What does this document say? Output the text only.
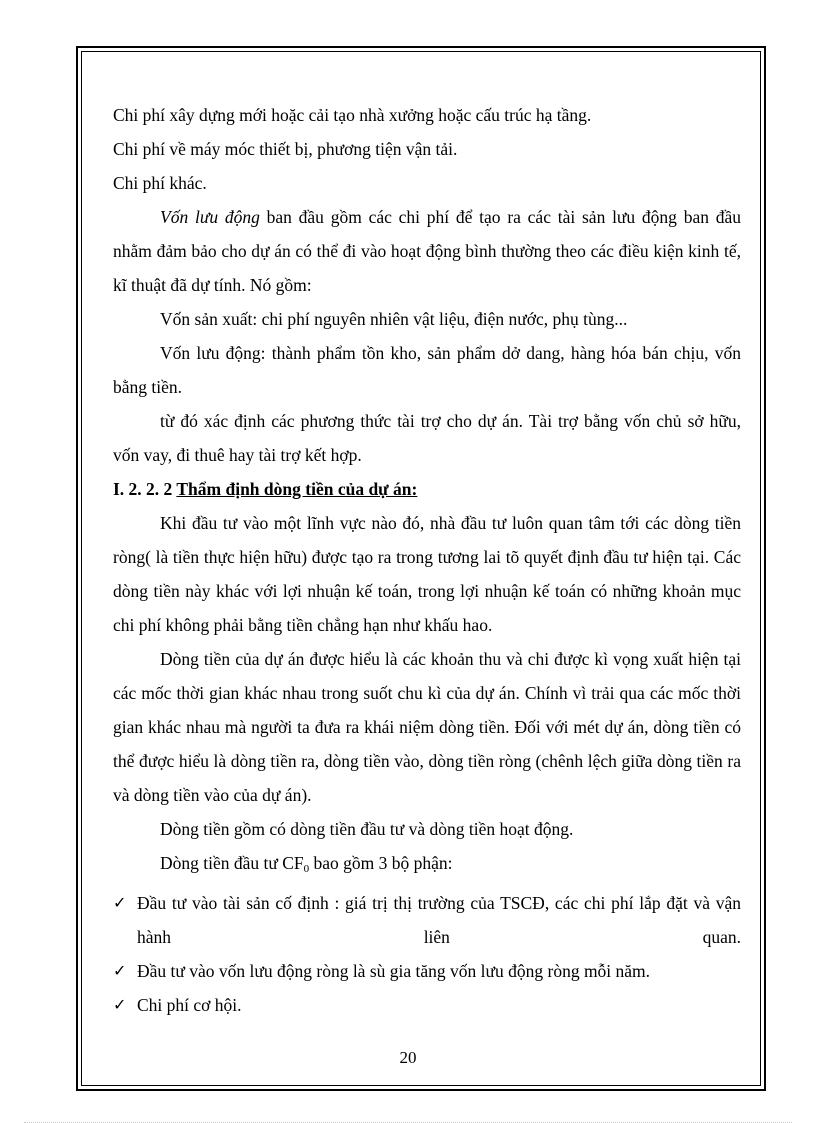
Chi phí xây dựng mới hoặc cải tạo nhà xưởng hoặc cấu trúc hạ tầng.
Chi phí về máy móc thiết bị, phương tiện vận tải.
Chi phí khác.
Vốn lưu động ban đầu gồm các chi phí để tạo ra các tài sản lưu động ban đầu nhằm đảm bảo cho dự án có thể đi vào hoạt động bình thường theo các điều kiện kinh tế, kĩ thuật đã dự tính. Nó gồm:
Vốn sản xuất: chi phí nguyên nhiên vật liệu, điện nước, phụ tùng...
Vốn lưu động: thành phẩm tồn kho, sản phẩm dở dang, hàng hóa bán chịu, vốn bằng tiền.
từ đó xác định các phương thức tài trợ cho dự án. Tài trợ bằng vốn chủ sở hữu, vốn vay, đi thuê hay tài trợ kết hợp.
I. 2. 2. 2 Thẩm định dòng tiền của dự án:
Khi đầu tư vào một lĩnh vực nào đó, nhà đầu tư luôn quan tâm tới các dòng tiền ròng( là tiền thực hiện hữu) được tạo ra trong tương lai tõ quyết định đầu tư hiện tại. Các dòng tiền này khác với lợi nhuận kế toán, trong lợi nhuận kế toán có những khoản mục chi phí không phải bằng tiền chẳng hạn như khấu hao.
Dòng tiền của dự án được hiểu là các khoản thu và chi được kì vọng xuất hiện tại các mốc thời gian khác nhau trong suốt chu kì của dự án. Chính vì trải qua các mốc thời gian khác nhau mà người ta đưa ra khái niệm dòng tiền. Đối với mét dự án, dòng tiền có thể được hiểu là dòng tiền ra, dòng tiền vào, dòng tiền ròng (chênh lệch giữa dòng tiền ra và dòng tiền vào của dự án).
Dòng tiền gồm có dòng tiền đầu tư và dòng tiền hoạt động.
Dòng tiền đầu tư $CF_0$ bao gồm 3 bộ phận:
✓ Đầu tư vào tài sản cố định : giá trị thị trường của TSCĐ, các chi phí lắp đặt và vận hành liên quan.
✓ Đầu tư vào vốn lưu động ròng là sù gia tăng vốn lưu động ròng mỗi năm.
✓ Chi phí cơ hội.
20
